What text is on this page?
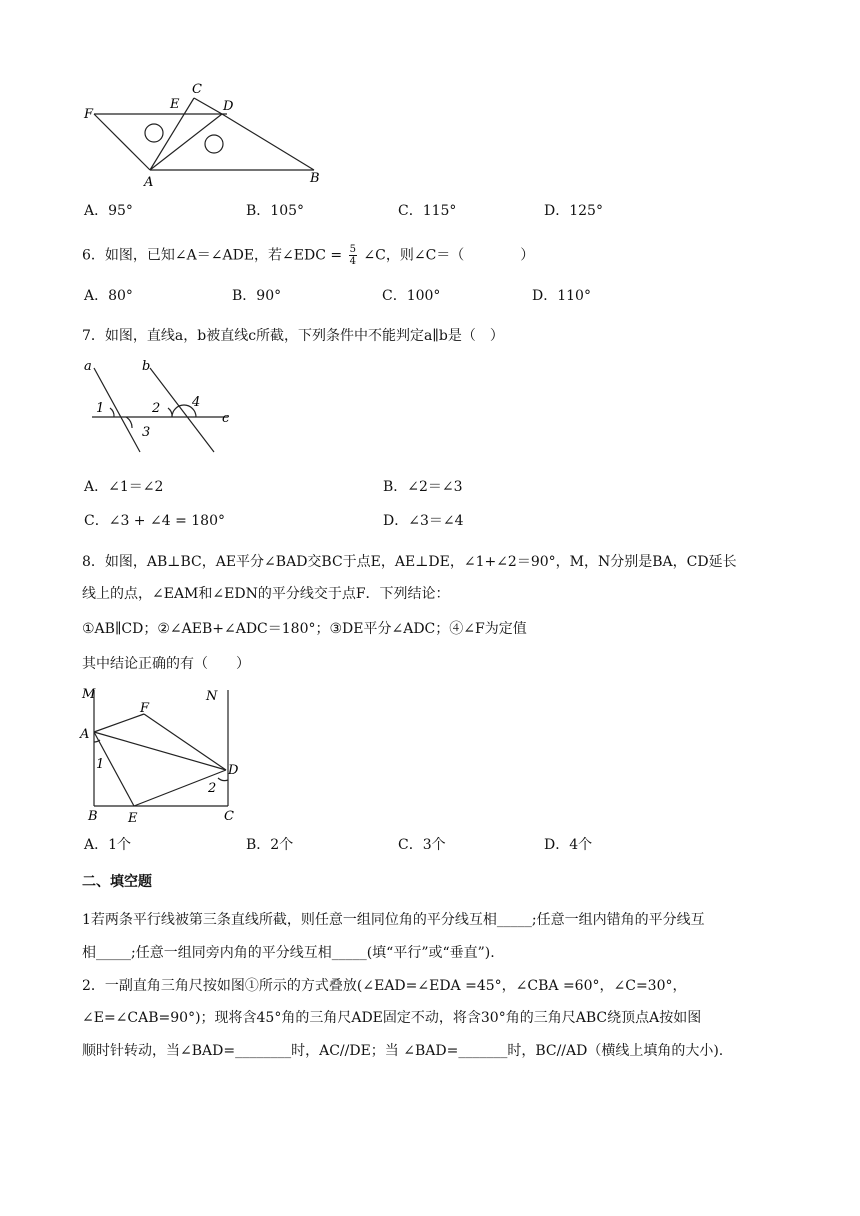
C
E	D
F
A	B
A．95°	B．105°	C．115°	D．125°
6．如图，已知∠A＝∠ADE，若∠EDC = $\frac{5}{4}$ ∠C，则∠C＝（　　　　）
A．80°	B．90°	C．100°	D．110°
7．如图，直线a，b被直线c所截，下列条件中不能判定a∥b是（　）
a	b
1	2 4
3
c
A．∠1＝∠2	B．∠2＝∠3
C．∠3 + ∠4 = 180°	D．∠3＝∠4
8．如图，AB⊥BC，AE平分∠BAD交BC于点E，AE⊥DE，∠1+∠2＝90°，M，N分别是BA，CD延长
线上的点，∠EAM和∠EDN的平分线交于点F．下列结论：
①AB∥CD；②∠AEB+∠ADC＝180°；③DE平分∠ADC；④∠F为定值
其中结论正确的有（　　）
M	N
F
A
1	D
2
B E	C
A．1个	B．2个	C．3个	D．4个
二、填空题
1若两条平行线被第三条直线所截，则任意一组同位角的平分线互相_____;任意一组内错角的平分线互
相_____;任意一组同旁内角的平分线互相_____(填“平行”或“垂直”).
2．一副直角三角尺按如图①所示的方式叠放(∠EAD=∠EDA =45°，∠CBA =60°，∠C=30°，
∠E=∠CAB=90°)；现将含45°角的三角尺ADE固定不动，将含30°角的三角尺ABC绕顶点A按如图
顺时针转动，当∠BAD=________时，AC//DE；当 ∠BAD=_______时，BC//AD（横线上填角的大小).
